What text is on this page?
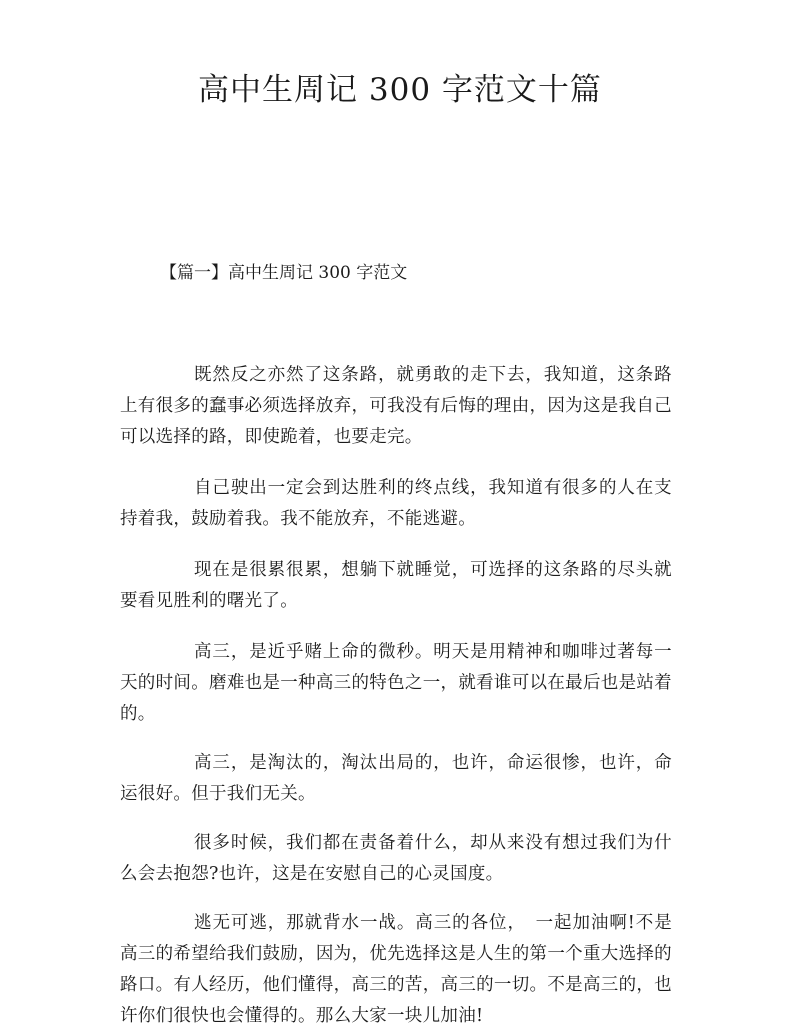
高中生周记 300 字范文十篇
【篇一】高中生周记 300 字范文

既然反之亦然了这条路，就勇敢的走下去，我知道，这条路上有很多的蠢事必须选择放弃，可我没有后悔的理由，因为这是我自己可以选择的路，即使跪着，也要走完。

自己驶出一定会到达胜利的终点线，我知道有很多的人在支持着我，鼓励着我。我不能放弃，不能逃避。

现在是很累很累，想躺下就睡觉，可选择的这条路的尽头就要看见胜利的曙光了。

高三，是近乎赌上命的微秒。明天是用精神和咖啡过著每一天的时间。磨难也是一种高三的特色之一，就看谁可以在最后也是站着的。

高三，是淘汰的，淘汰出局的，也许，命运很惨，也许，命运很好。但于我们无关。

很多时候，我们都在责备着什么，却从来没有想过我们为什么会去抱怨?也许，这是在安慰自己的心灵国度。

逃无可逃，那就背水一战。高三的各位，　一起加油啊!不是高三的希望给我们鼓励，因为，优先选择这是人生的第一个重大选择的路口。有人经历，他们懂得，高三的苦，高三的一切。不是高三的，也许你们很快也会懂得的。那么大家一块儿加油!
